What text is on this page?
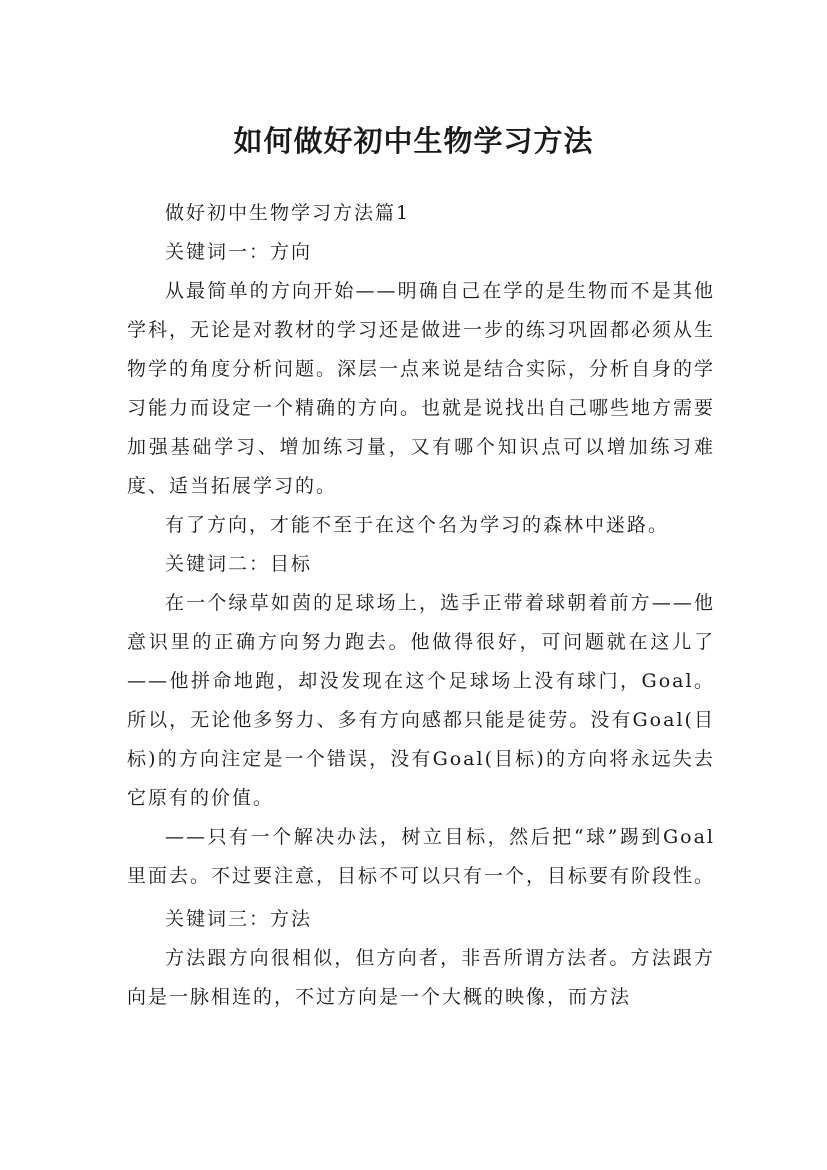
如何做好初中生物学习方法

做好初中生物学习方法篇1

关键词一：方向

从最简单的方向开始——明确自己在学的是生物而不是其他学科，无论是对教材的学习还是做进一步的练习巩固都必须从生物学的角度分析问题。深层一点来说是结合实际，分析自身的学习能力而设定一个精确的方向。也就是说找出自己哪些地方需要加强基础学习、增加练习量，又有哪个知识点可以增加练习难度、适当拓展学习的。

有了方向，才能不至于在这个名为学习的森林中迷路。

关键词二：目标

在一个绿草如茵的足球场上，选手正带着球朝着前方——他意识里的正确方向努力跑去。他做得很好，可问题就在这儿了——他拼命地跑，却没发现在这个足球场上没有球门，Goal。所以，无论他多努力、多有方向感都只能是徒劳。没有Goal(目标)的方向注定是一个错误，没有Goal(目标)的方向将永远失去它原有的价值。

——只有一个解决办法，树立目标，然后把“球”踢到Goal里面去。不过要注意，目标不可以只有一个，目标要有阶段性。

关键词三：方法

方法跟方向很相似，但方向者，非吾所谓方法者。方法跟方向是一脉相连的，不过方向是一个大概的映像，而方法
